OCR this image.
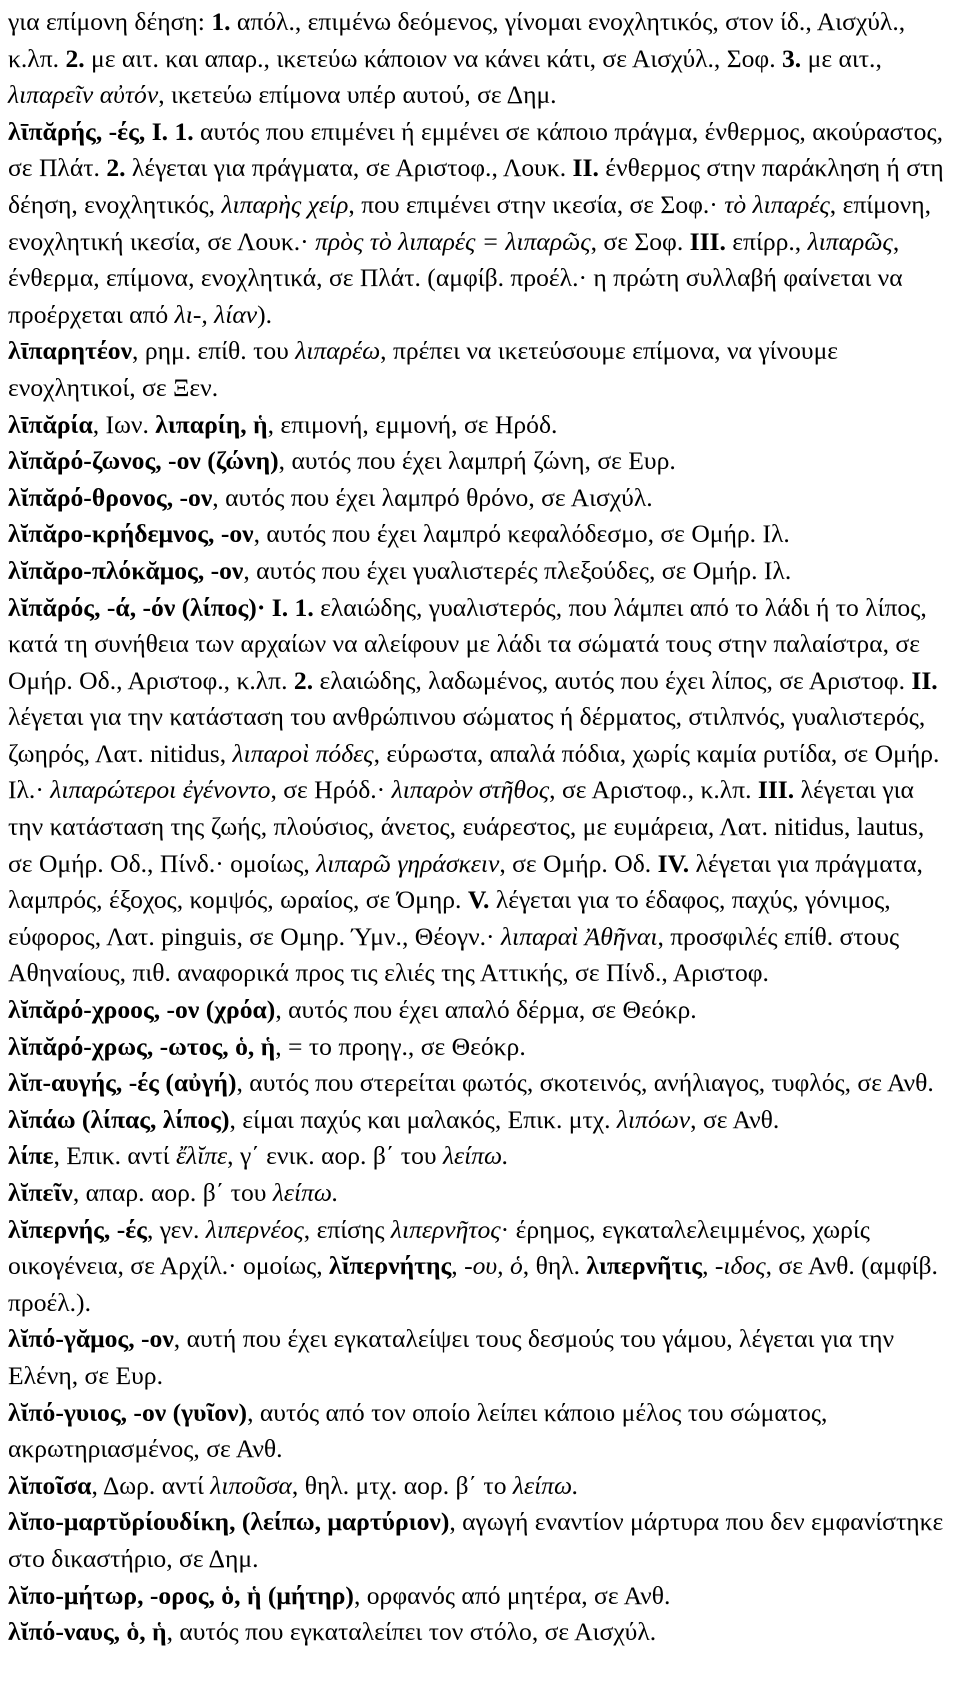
για επίμονη δέηση: 1. απόλ., επιμένω δεόμενος, γίνομαι ενοχλητικός, στον ίδ., Αισχύλ., κ.λπ. 2. με αιτ. και απαρ., ικετεύω κάποιον να κάνει κάτι, σε Αισχύλ., Σοφ. 3. με αιτ., λιπαρεῖν αὐτόν, ικετεύω επίμονα υπέρ αυτού, σε Δημ.

λῑπᾰρής, -ές, I. 1. αυτός που επιμένει ή εμμένει σε κάποιο πράγμα, ένθερμος, ακούραστος, σε Πλάτ. 2. λέγεται για πράγματα, σε Αριστοφ., Λουκ. II. ένθερμος στην παράκληση ή στη δέηση, ενοχλητικός, λιπαρὴς χείρ, που επιμένει στην ικεσία, σε Σοφ.· τὸ λιπαρές, επίμονη, ενοχλητική ικεσία, σε Λουκ.· πρὸς τὸ λιπαρές = λιπαρῶς, σε Σοφ. III. επίρρ., λιπαρῶς, ένθερμα, επίμονα, ενοχλητικά, σε Πλάτ. (αμφίβ. προέλ.· η πρώτη συλλαβή φαίνεται να προέρχεται από λι-, λίαν).

λῑπαρητέον, ρημ. επίθ. του λιπαρέω, πρέπει να ικετεύσουμε επίμονα, να γίνουμε ενοχλητικοί, σε Ξεν.

λῑπᾰρία, Ιων. λιπαρίη, ἡ, επιμονή, εμμονή, σε Ηρόδ.

λῐπᾰρό-ζωνος, -ον (ζώνη), αυτός που έχει λαμπρή ζώνη, σε Ευρ.

λῐπᾰρό-θρονος, -ον, αυτός που έχει λαμπρό θρόνο, σε Αισχύλ.

λῐπᾰρο-κρήδεμνος, -ον, αυτός που έχει λαμπρό κεφαλόδεσμο, σε Ομήρ. Ιλ.

λῐπᾰρο-πλόκᾰμος, -ον, αυτός που έχει γυαλιστερές πλεξούδες, σε Ομήρ. Ιλ.

λῐπᾰρός, -ά, -όν (λίπος)· I. 1. ελαιώδης, γυαλιστερός, που λάμπει από το λάδι ή το λίπος, κατά τη συνήθεια των αρχαίων να αλείφουν με λάδι τα σώματά τους στην παλαίστρα, σε Ομήρ. Οδ., Αριστοφ., κ.λπ. 2. ελαιώδης, λαδωμένος, αυτός που έχει λίπος, σε Αριστοφ. II. λέγεται για την κατάσταση του ανθρώπινου σώματος ή δέρματος, στιλπνός, γυαλιστερός, ζωηρός, Λατ. nitidus, λιπαροὶ πόδες, εύρωστα, απαλά πόδια, χωρίς καμία ρυτίδα, σε Ομήρ. Ιλ.· λιπαρώτεροι ἐγένοντο, σε Ηρόδ.· λιπαρὸν στῆθος, σε Αριστοφ., κ.λπ. III. λέγεται για την κατάσταση της ζωής, πλούσιος, άνετος, ευάρεστος, με ευμάρεια, Λατ. nitidus, lautus, σε Ομήρ. Οδ., Πίνδ.· ομοίως, λιπαρῶ γηράσκειν, σε Ομήρ. Οδ. IV. λέγεται για πράγματα, λαμπρός, έξοχος, κομψός, ωραίος, σε Όμηρ. V. λέγεται για το έδαφος, παχύς, γόνιμος, εύφορος, Λατ. pinguis, σε Ομηρ. Ύμν., Θέογν.· λιπαραὶ Ἀθῆναι, προσφιλές επίθ. στους Αθηναίους, πιθ. αναφορικά προς τις ελιές της Αττικής, σε Πίνδ., Αριστοφ.

λῐπᾰρό-χροος, -ον (χρόα), αυτός που έχει απαλό δέρμα, σε Θεόκρ.

λῐπᾰρό-χρως, -ωτος, ὁ, ἡ, = το προηγ., σε Θεόκρ.

λῐπ-αυγής, -ές (αὐγή), αυτός που στερείται φωτός, σκοτεινός, ανήλιαγος, τυφλός, σε Ανθ.

λῐπάω (λίπας, λίπος), είμαι παχύς και μαλακός, Επικ. μτχ. λιπόων, σε Ανθ.

λίπε, Επικ. αντί ἔλῐπε, γ΄ ενικ. αορ. β΄ του λείπω.

λῐπεῖν, απαρ. αορ. β΄ του λείπω.

λῐπερνής, -ές, γεν. λιπερνέος, επίσης λιπερνῆτος· έρημος, εγκαταλελειμμένος, χωρίς οικογένεια, σε Αρχίλ.· ομοίως, λῐπερνήτης, -ου, ὁ, θηλ. λιπερνῆτις, -ιδος, σε Ανθ. (αμφίβ. προέλ.).

λῐπό-γᾰμος, -ον, αυτή που έχει εγκαταλείψει τους δεσμούς του γάμου, λέγεται για την Ελένη, σε Ευρ.

λῐπό-γυιος, -ον (γυῖον), αυτός από τον οποίο λείπει κάποιο μέλος του σώματος, ακρωτηριασμένος, σε Ανθ.

λῐποῖσα, Δωρ. αντί λιποῦσα, θηλ. μτχ. αορ. β΄ το λείπω.

λῐπο-μαρτῠρίουδίκη, (λείπω, μαρτύριον), αγωγή εναντίον μάρτυρα που δεν εμφανίστηκε στο δικαστήριο, σε Δημ.

λῐπο-μήτωρ, -ορος, ὁ, ἡ (μήτηρ), ορφανός από μητέρα, σε Ανθ.

λῐπό-ναυς, ὁ, ἡ, αυτός που εγκαταλείπει τον στόλο, σε Αισχύλ.
